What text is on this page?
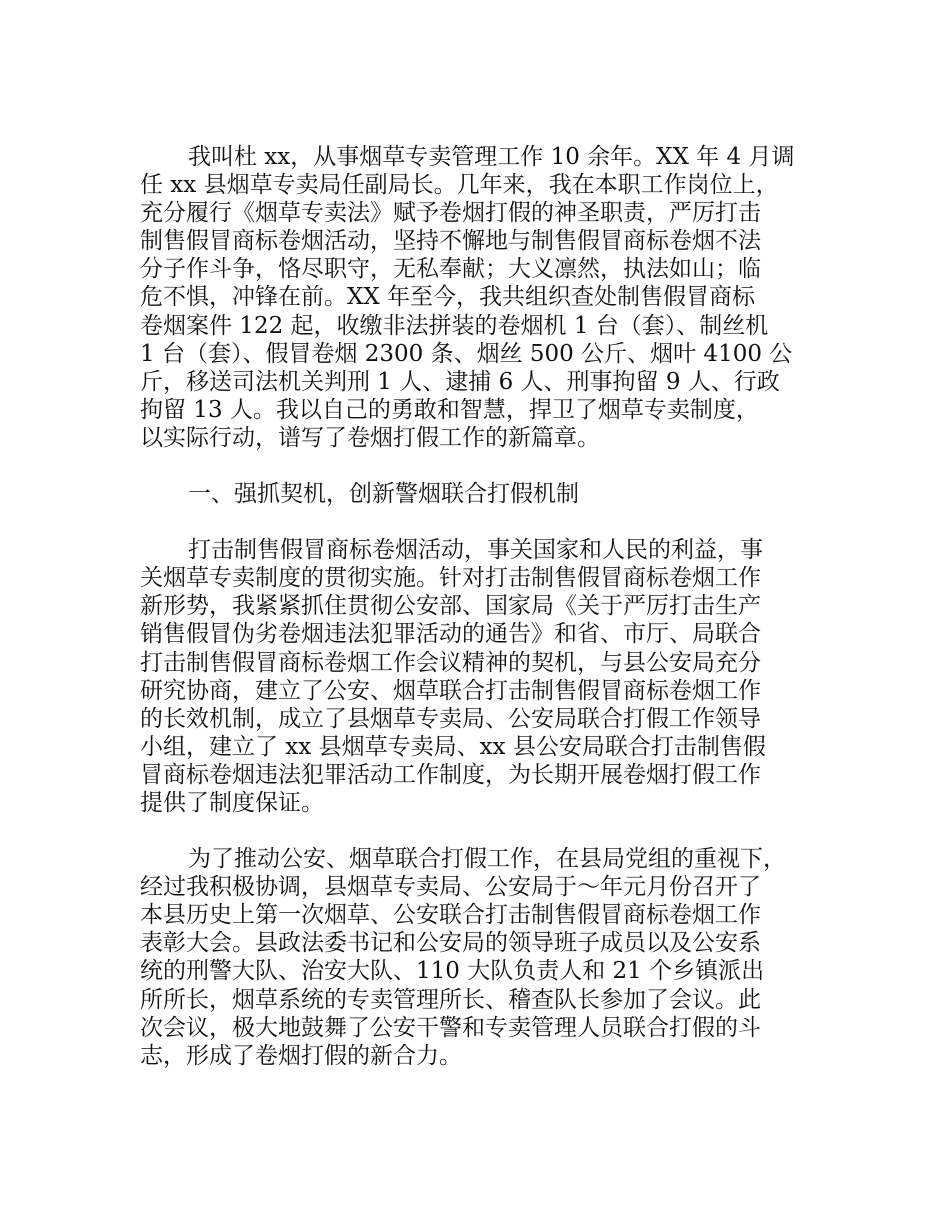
我叫杜 xx，从事烟草专卖管理工作 10 余年。XX 年 4 月调
任 xx 县烟草专卖局任副局长。几年来，我在本职工作岗位上，
充分履行《烟草专卖法》赋予卷烟打假的神圣职责，严厉打击
制售假冒商标卷烟活动，坚持不懈地与制售假冒商标卷烟不法
分子作斗争，恪尽职守，无私奉献；大义凛然，执法如山；临
危不惧，冲锋在前。XX 年至今，我共组织查处制售假冒商标
卷烟案件 122 起，收缴非法拼装的卷烟机 1 台（套）、制丝机
1 台（套）、假冒卷烟 2300 条、烟丝 500 公斤、烟叶 4100 公
斤，移送司法机关判刑 1 人、逮捕 6 人、刑事拘留 9 人、行政
拘留 13 人。我以自己的勇敢和智慧，捍卫了烟草专卖制度，
以实际行动，谱写了卷烟打假工作的新篇章。
一、强抓契机，创新警烟联合打假机制
打击制售假冒商标卷烟活动，事关国家和人民的利益，事
关烟草专卖制度的贯彻实施。针对打击制售假冒商标卷烟工作
新形势，我紧紧抓住贯彻公安部、国家局《关于严厉打击生产
销售假冒伪劣卷烟违法犯罪活动的通告》和省、市厅、局联合
打击制售假冒商标卷烟工作会议精神的契机，与县公安局充分
研究协商，建立了公安、烟草联合打击制售假冒商标卷烟工作
的长效机制，成立了县烟草专卖局、公安局联合打假工作领导
小组，建立了 xx 县烟草专卖局、xx 县公安局联合打击制售假
冒商标卷烟违法犯罪活动工作制度，为长期开展卷烟打假工作
提供了制度保证。
为了推动公安、烟草联合打假工作，在县局党组的重视下，
经过我积极协调，县烟草专卖局、公安局于～年元月份召开了
本县历史上第一次烟草、公安联合打击制售假冒商标卷烟工作
表彰大会。县政法委书记和公安局的领导班子成员以及公安系
统的刑警大队、治安大队、110 大队负责人和 21 个乡镇派出
所所长，烟草系统的专卖管理所长、稽查队长参加了会议。此
次会议，极大地鼓舞了公安干警和专卖管理人员联合打假的斗
志，形成了卷烟打假的新合力。
